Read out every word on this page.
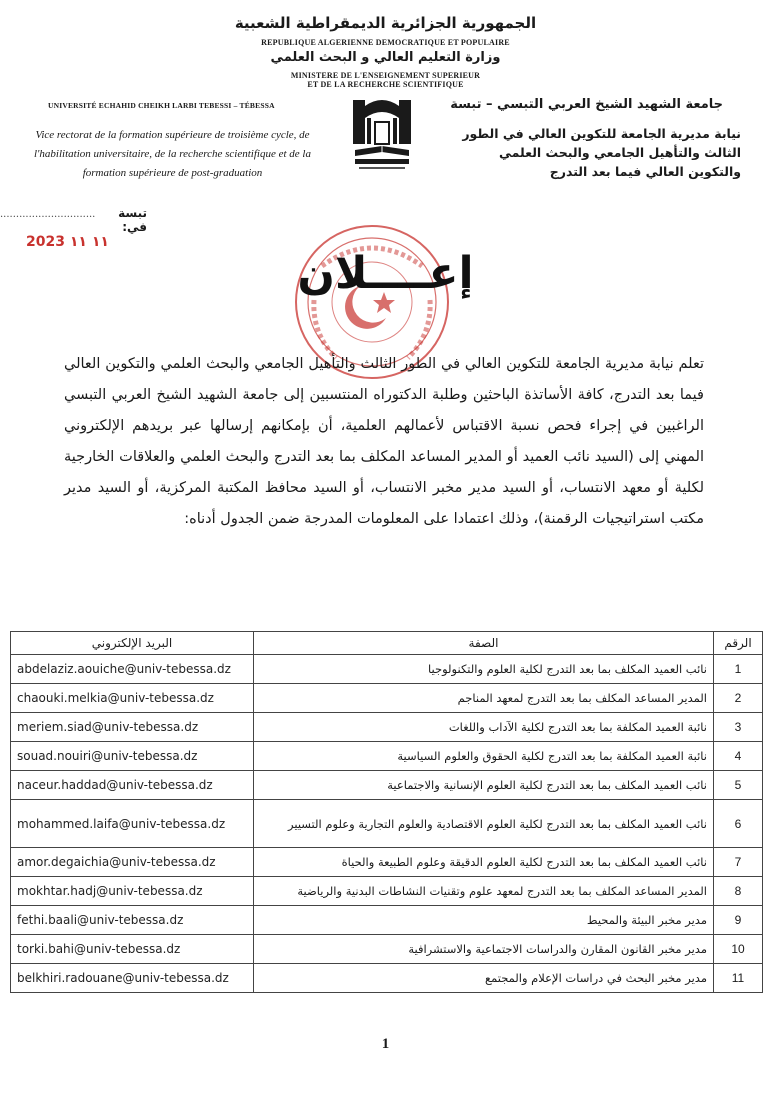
الجمهورية الجزائرية الديمقراطية الشعبية
REPUBLIQUE ALGERIENNE DEMOCRATIQUE ET POPULAIRE
وزارة التعليم العالي و البحث العلمي
MINISTERE DE L'ENSEIGNEMENT SUPERIEUR
ET DE LA RECHERCHE SCIENTIFIQUE
UNIVERSITÉ ECHAHID CHEIKH LARBI TEBESSI – TÉBESSA	جامعة الشهيد الشيخ العربي التبسي – تبسة
Vice rectorat de la formation supérieure de troisième cycle, de l'habilitation universitaire, de la recherche scientifique et de la formation supérieure de post-graduation
نيابة مديرية الجامعة للتكوين العالي في الطور الثالث والتأهيل الجامعي والبحث العلمي والتكوين العالي فيما بعد التدرج
تبسة في:
..............................
2023 ١١ ١١
إعــــلان
تعلم نيابة مديرية الجامعة للتكوين العالي في الطور الثالث والتأهيل الجامعي والبحث العلمي والتكوين العالي فيما بعد التدرج، كافة الأساتذة الباحثين وطلبة الدكتوراه المنتسبين إلى جامعة الشهيد الشيخ العربي التبسي الراغبين في إجراء فحص نسبة الاقتباس لأعمالهم العلمية، أن بإمكانهم إرسالها عبر بريدهم الإلكتروني المهني إلى (السيد نائب العميد أو المدير المساعد المكلف بما بعد التدرج والبحث العلمي والعلاقات الخارجية لكلية أو معهد الانتساب، أو السيد مدير مخبر الانتساب، أو السيد محافظ المكتبة المركزية، أو السيد مدير مكتب استراتيجيات الرقمنة)، وذلك اعتمادا على المعلومات المدرجة ضمن الجدول أدناه:
البريد الإلكتروني	الصفة	الرقم
abdelaziz.aouiche@univ-tebessa.dz	نائب العميد المكلف بما بعد التدرج لكلية العلوم والتكنولوجيا	1
chaouki.melkia@univ-tebessa.dz	المدير المساعد المكلف بما بعد التدرج لمعهد المناجم	2
meriem.siad@univ-tebessa.dz	نائبة العميد المكلفة بما بعد التدرج لكلية الآداب واللغات	3
souad.nouiri@univ-tebessa.dz	نائبة العميد المكلفة بما بعد التدرج لكلية الحقوق والعلوم السياسية	4
naceur.haddad@univ-tebessa.dz	نائب العميد المكلف بما بعد التدرج لكلية العلوم الإنسانية والاجتماعية	5
mohammed.laifa@univ-tebessa.dz	نائب العميد المكلف بما بعد التدرج لكلية العلوم الاقتصادية والعلوم التجارية وعلوم التسيير	6
amor.degaichia@univ-tebessa.dz	نائب العميد المكلف بما بعد التدرج لكلية العلوم الدقيقة وعلوم الطبيعة والحياة	7
mokhtar.hadj@univ-tebessa.dz	المدير المساعد المكلف بما بعد التدرج لمعهد علوم وتقنيات النشاطات البدنية والرياضية	8
fethi.baali@univ-tebessa.dz	مدير مخبر البيئة والمحيط	9
torki.bahi@univ-tebessa.dz	مدير مخبر القانون المقارن والدراسات الاجتماعية والاستشرافية	10
belkhiri.radouane@univ-tebessa.dz	مدير مخبر البحث في دراسات الإعلام والمجتمع	11
1
